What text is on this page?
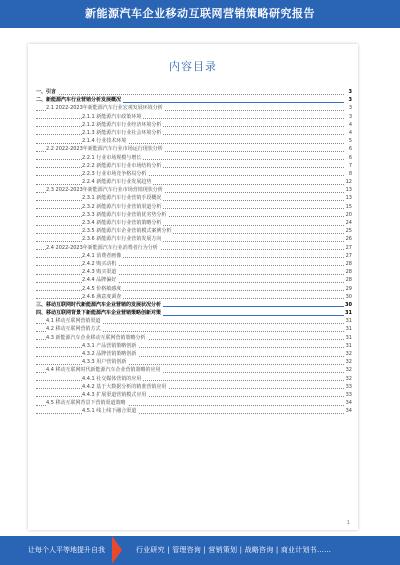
新能源汽车企业移动互联网营销策略研究报告
内容目录
一、引言	3
二、新能源汽车行业营销分析发展概况	3
2.1 2022-2023年新能源汽车行业宏观发展环境分析	3
2.1.1 新能源汽车政策环境	3
2.1.2 新能源汽车行业经济环境分析	4
2.1.3 新能源汽车行业社会环境分析	4
2.1.4 行业技术环境	5
2.2 2022-2023年新能源汽车行业市场运行现状分析	6
2.2.1 行业市场规模与增长	6
2.2.2 新能源汽车行业市场结构分析	7
2.2.3 行业市场竞争格局分析	8
2.2.4 新能源汽车行业发展趋势	12
2.3 2022-2023年新能源汽车行业市场营销现状分析	13
2.3.1 新能源汽车行业营销手段概况	13
2.3.2 新能源汽车行业营销渠道分析	15
2.3.3 新能源汽车行业营销优劣势分析	20
2.3.4 新能源汽车行业营销策略分析	24
2.3.5 新能源汽车企业营销模式案例分析	25
2.3.6 新能源汽车行业营销发展方向	26
2.4 2022-2023年新能源汽车行业消费者行为分析	27
2.4.1 消费者画像	27
2.4.2 购买动机	28
2.4.3 购买渠道	28
2.4.4 品牌偏好	28
2.4.5 价格敏感度	29
2.4.6 满意度调查	30
三、移动互联网时代新能源汽车企业营销的发展状况分析	30
四、移动互联网背景下新能源汽车企业营销策略创新对策	31
4.1 移动互联网营销渠道	31
4.2 移动互联网营销方式	31
4.3 新能源汽车企业移动互联网营销策略分析	31
4.3.1 产品营销策略创新	31
4.3.2 品牌营销策略创新	32
4.3.3 用户营销创新	32
4.4 移动互联网时代新能源汽车企业营销策略的应用	32
4.4.1 社交媒体营销的应用	32
4.4.2 基于大数据分析的精准营销应用	33
4.4.3 扩展渠道营销模式应用	33
4.5 移动互联网背景下营销渠道策略	34
4.5.1 线上线下融合渠道	34
1
让每个人平等地提升自我	行业研究 | 管理咨询 | 营销策划 | 战略咨询 | 商业计划书……
